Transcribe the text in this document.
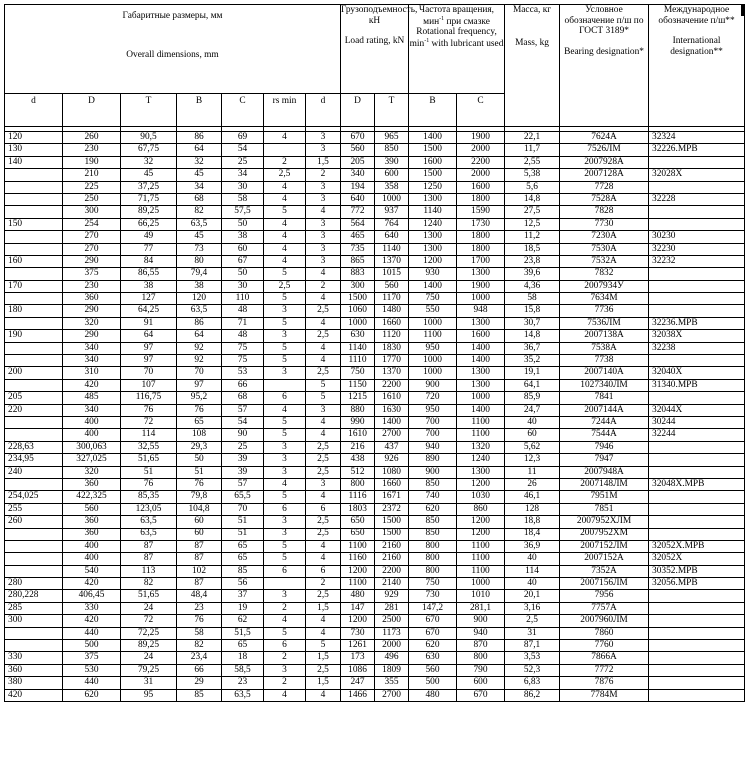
Габаритные размеры, мм
Overall dimensions, mm							Грузоподъемность, кН
Load rating, kN		Частота вращения, мин$^{-1}$ при смазке
Rotational frequency, $\min^{-1}$ with lubricant used		Масса, кг
Mass, kg	Условное обозначение п/ш по ГОСТ 3189*
Bearing designation*	Международное обозначение п/ш**
International designation**

d	D	T	B	C	rs min	d	D	T	B	C			

120	260	90,5	86	69	4	3	670	965	1400	1900	22,1	7624А	32324
130	230	67,75	64	54		3	560	850	1500	2000	11,7	7526ЛМ	32226.MPB
140	190	32	32	25	2	1,5	205	390	1600	2200	2,55	2007928А	
	210	45	45	34	2,5	2	340	600	1500	2000	5,38	2007128А	32028X
	225	37,25	34	30	4	3	194	358	1250	1600	5,6	7728	
	250	71,75	68	58	4	3	640	1000	1300	1800	14,8	7528А	32228
	300	89,25	82	57,5	5	4	772	937	1140	1590	27,5	7828	
150	254	66,25	63,5	50	4	3	564	764	1240	1730	12,5	7730	
	270	49	45	38	4	3	465	640	1300	1800	11,2	7230А	30230
	270	77	73	60	4	3	735	1140	1300	1800	18,5	7530А	32230
160	290	84	80	67	4	3	865	1370	1200	1700	23,8	7532А	32232
	375	86,55	79,4	50	5	4	883	1015	930	1300	39,6	7832	
170	230	38	38	30	2,5	2	300	560	1400	1900	4,36	2007934У	
	360	127	120	110	5	4	1500	1170	750	1000	58	7634М	
180	290	64,25	63,5	48	3	2,5	1060	1480	550	948	15,8	7736	
	320	91	86	71	5	4	1000	1660	1000	1300	30,7	7536ЛМ	32236.MPB
190	290	64	64	48	3	2,5	630	1120	1100	1600	14,8	2007138А	32038X
	340	97	92	75	5	4	1140	1830	950	1400	36,7	7538А	32238
	340	97	92	75	5	4	1110	1770	1000	1400	35,2	7738	
200	310	70	70	53	3	2,5	750	1370	1000	1300	19,1	2007140А	32040X
	420	107	97	66		5	1150	2200	900	1300	64,1	1027340ЛМ	31340.MPB
205	485	116,75	95,2	68	6	5	1215	1610	720	1000	85,9	7841	
220	340	76	76	57	4	3	880	1630	950	1400	24,7	2007144А	32044X
	400	72	65	54	5	4	990	1400	700	1100	40	7244А	30244
	400	114	108	90	5	4	1610	2700	700	1100	60	7544А	32244
228,63	300,063	32,55	29,3	25	3	2,5	216	437	940	1320	5,62	7946	
234,95	327,025	51,65	50	39	3	2,5	438	926	890	1240	12,3	7947	
240	320	51	51	39	3	2,5	512	1080	900	1300	11	2007948А	
	360	76	76	57	4	3	800	1660	850	1200	26	2007148ЛМ	32048X.MPB
254,025	422,325	85,35	79,8	65,5	5	4	1116	1671	740	1030	46,1	7951М	
255	560	123,05	104,8	70	6	6	1803	2372	620	860	128	7851	
260	360	63,5	60	51	3	2,5	650	1500	850	1200	18,8	2007952ХЛМ	
	360	63,5	60	51	3	2,5	650	1500	850	1200	18,4	2007952ХМ	
	400	87	87	65	5	4	1100	2160	800	1100	36,9	2007152ЛМ	32052X.MPB
	400	87	87	65	5	4	1160	2160	800	1100	40	2007152А	32052X
	540	113	102	85	6	6	1200	2200	800	1100	114	7352А	30352.MPB
280	420	82	87	56		2	1100	2140	750	1000	40	2007156ЛМ	32056.MPB
280,228	406,45	51,65	48,4	37	3	2,5	480	929	730	1010	20,1	7956	
285	330	24	23	19	2	1,5	147	281	147,2	281,1	3,16	7757А	
300	420	72	76	62	4	4	1200	2500	670	900	2,5	2007960ЛМ	
	440	72,25	58	51,5	5	4	730	1173	670	940	31	7860	
	500	89,25	82	65	6	5	1261	2000	620	870	87,1	7760	
330	375	24	23,4	18	2	1,5	173	496	630	800	3,53	7866А	
360	530	79,25	66	58,5	3	2,5	1086	1809	560	790	52,3	7772	
380	440	31	29	23	2	1,5	247	355	500	600	6,83	7876	
420	620	95	85	63,5	4	4	1466	2700	480	670	86,2	7784М	
